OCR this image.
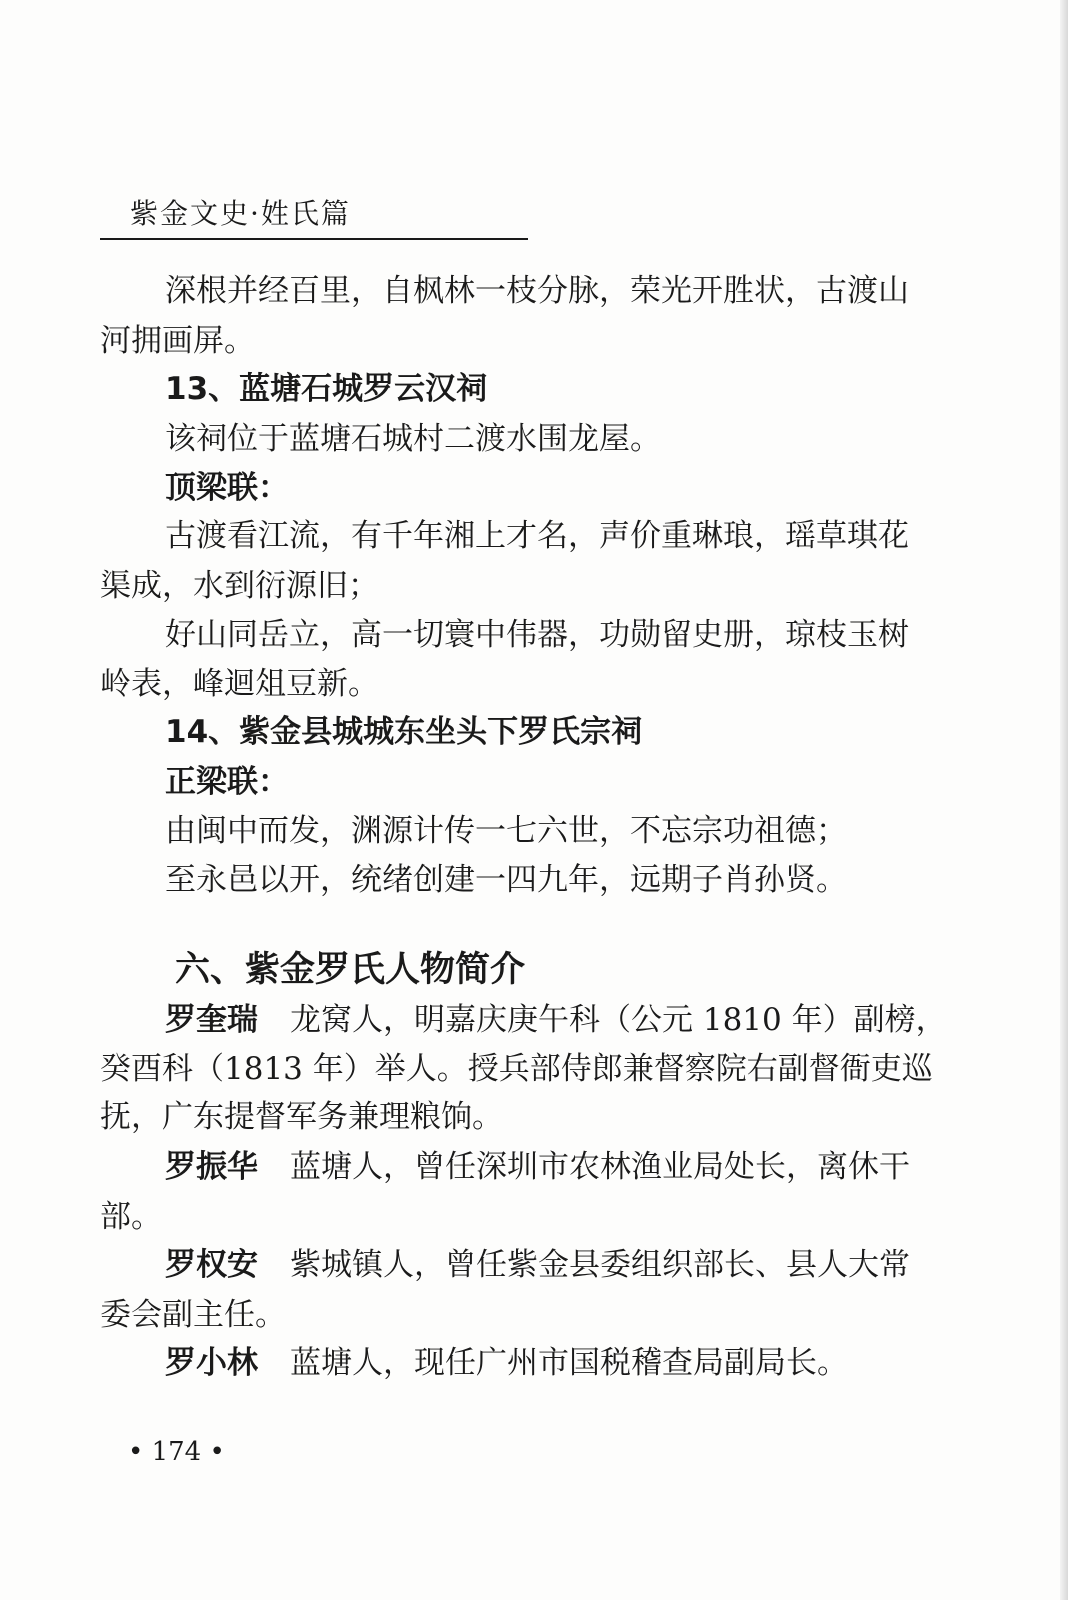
紫金文史·姓氏篇
深根并经百里，自枫林一枝分脉，荣光开胜状，古渡山
河拥画屏。
13、蓝塘石城罗云汉祠
该祠位于蓝塘石城村二渡水围龙屋。
顶梁联：
古渡看江流，有千年湘上才名，声价重琳琅，瑶草琪花
渠成，水到衍源旧；
好山同岳立，高一切寰中伟器，功勋留史册，琼枝玉树
岭表，峰迴俎豆新。
14、紫金县城城东坐头下罗氏宗祠
正梁联：
由闽中而发，渊源计传一七六世，不忘宗功祖德；
至永邑以开，统绪创建一四九年，远期子肖孙贤。
六、紫金罗氏人物简介
罗奎瑞 龙窝人，明嘉庆庚午科（公元 1810 年）副榜，
癸酉科（1813 年）举人。授兵部侍郎兼督察院右副督衙吏巡
抚，广东提督军务兼理粮饷。
罗振华 蓝塘人，曾任深圳市农林渔业局处长，离休干
部。
罗权安 紫城镇人，曾任紫金县委组织部长、县人大常
委会副主任。
罗小林 蓝塘人，现任广州市国税稽查局副局长。
• 174 •
